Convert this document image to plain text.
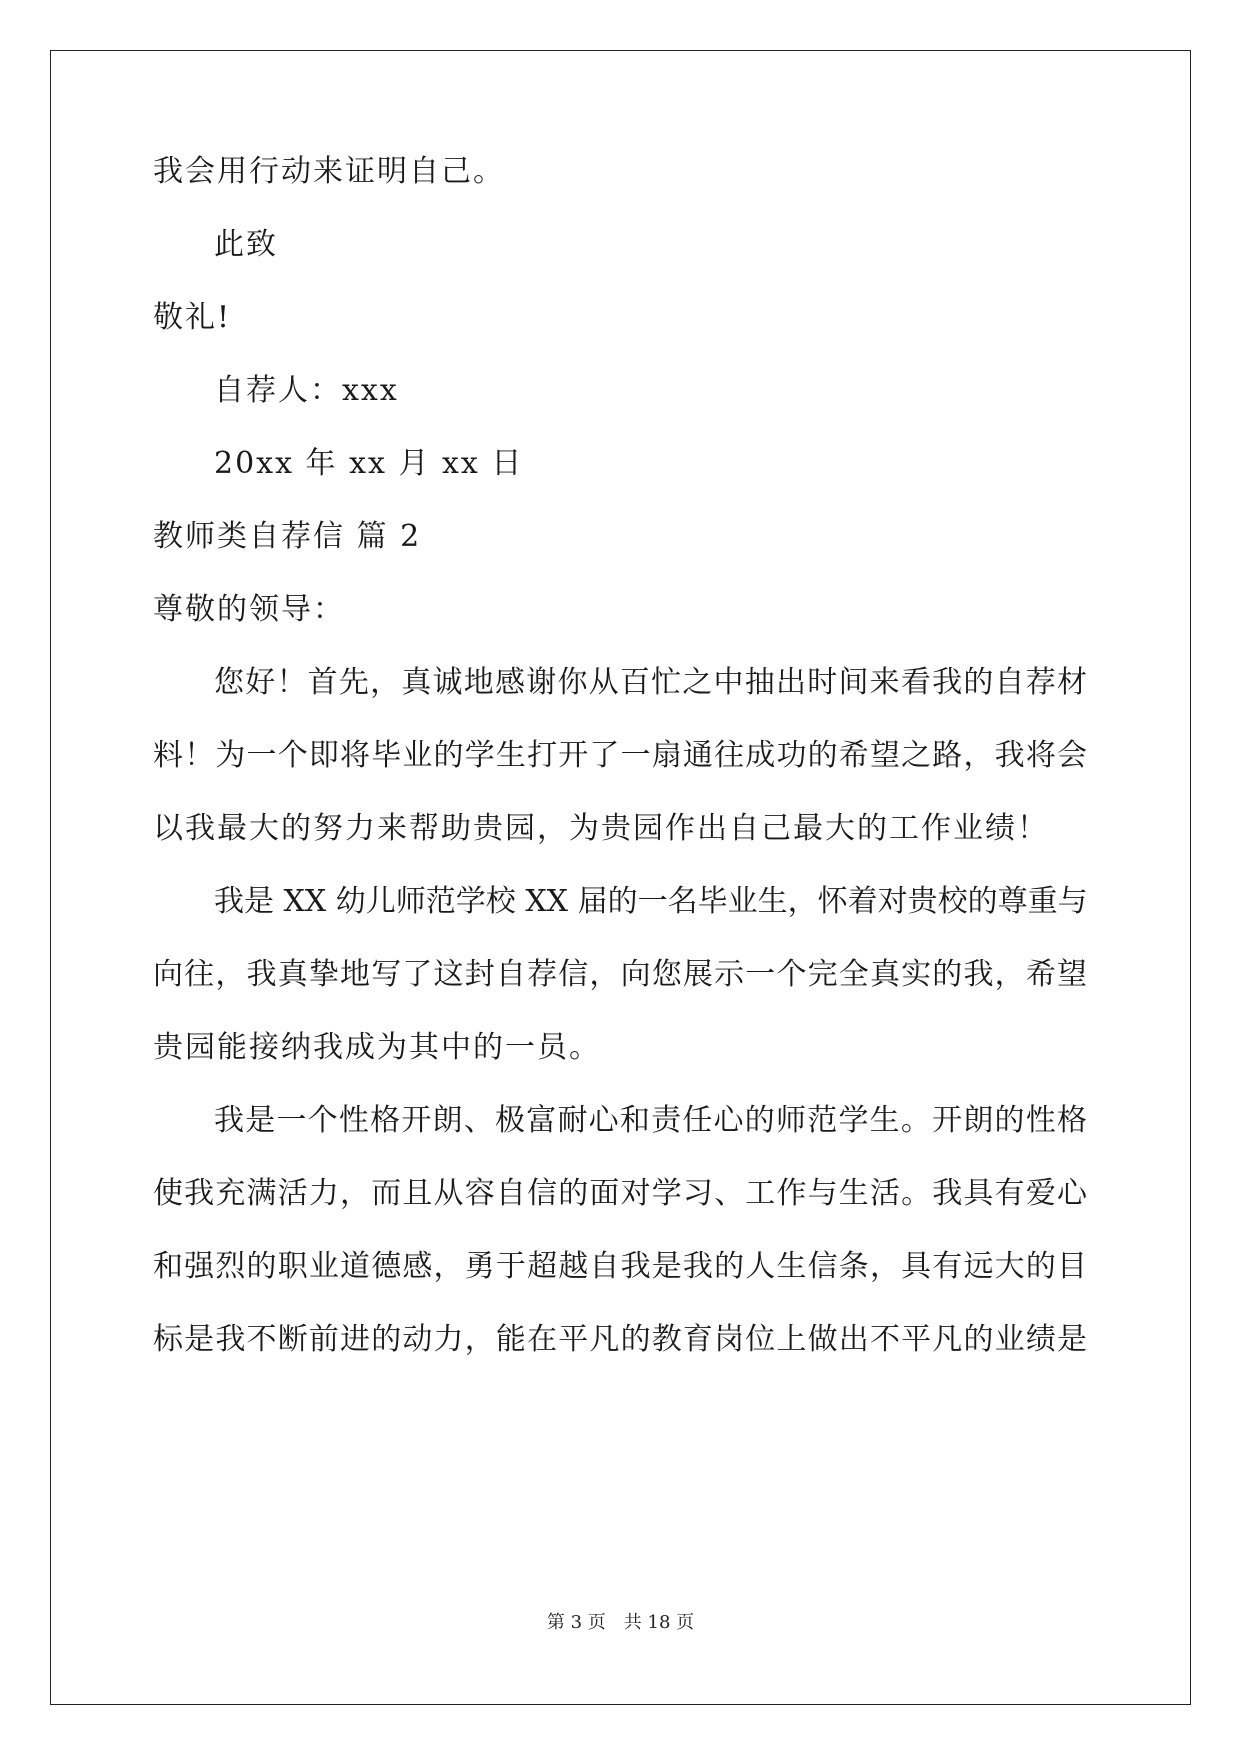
我会用行动来证明自己。
此致
敬礼!
自荐人：xxx
20xx 年 xx 月 xx 日
教师类自荐信 篇 2
尊敬的领导：
您好！首先，真诚地感谢你从百忙之中抽出时间来看我的自荐材
料！为一个即将毕业的学生打开了一扇通往成功的希望之路，我将会
以我最大的努力来帮助贵园，为贵园作出自己最大的工作业绩！
我是 XX 幼儿师范学校 XX 届的一名毕业生，怀着对贵校的尊重与
向往，我真挚地写了这封自荐信，向您展示一个完全真实的我，希望
贵园能接纳我成为其中的一员。
我是一个性格开朗、极富耐心和责任心的师范学生。开朗的性格
使我充满活力，而且从容自信的面对学习、工作与生活。我具有爱心
和强烈的职业道德感，勇于超越自我是我的人生信条，具有远大的目
标是我不断前进的动力，能在平凡的教育岗位上做出不平凡的业绩是
第 3 页 共 18 页
